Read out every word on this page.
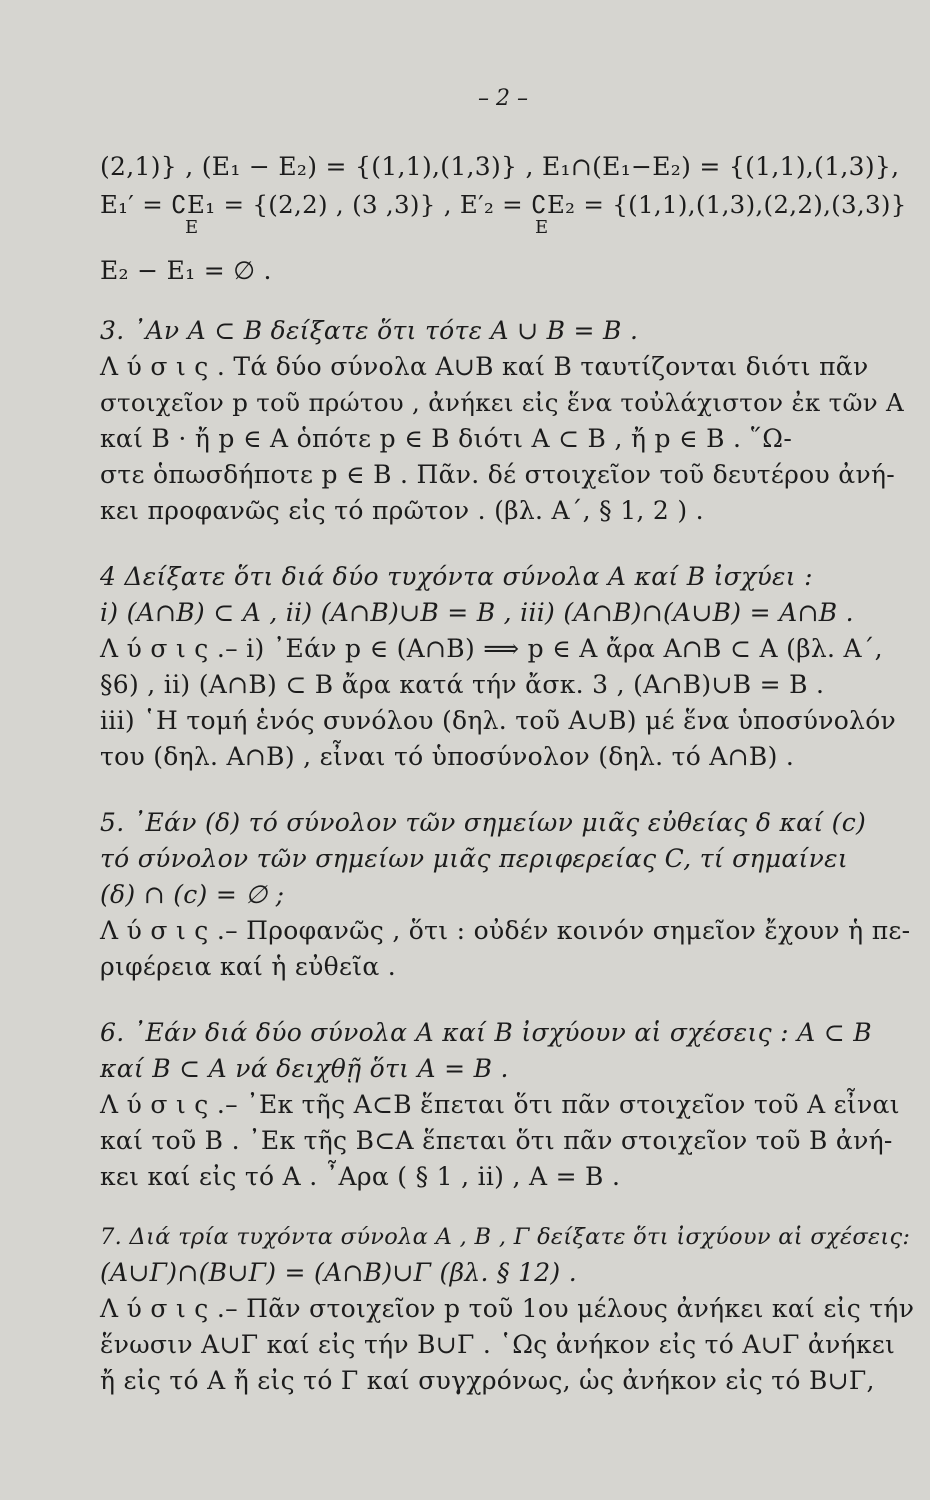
– 2 –
(2,1)} , (E₁ − E₂) = {(1,1),(1,3)} , E₁∩(E₁−E₂) = {(1,1),(1,3)},
E₁′ = ∁E₁ = {(2,2) , (3 ,3)} , E′₂ = ∁E₂ = {(1,1),(1,3),(2,2),(3,3)}
E	E
E₂ − E₁ = ∅ .
3. ᾽Αν A ⊂ B δείξατε ὅτι τότε A ∪ B = B .
Λ ύ σ ι ς . Τά δύο σύνολα A∪B καί B ταυτίζονται διότι πᾶν
στοιχεῖον p τοῦ πρώτου , ἀνήκει εἰς ἕνα τοὐλάχιστον ἐκ τῶν A
καί B · ἤ p ∈ A ὁπότε p ∈ B διότι A ⊂ B , ἤ p ∈ B . ῞Ω-
στε ὁπωσδήποτε p ∈ B . Πᾶν. δέ στοιχεῖον τοῦ δευτέρου ἀνή-
κει προφανῶς εἰς τό πρῶτον . (βλ. Α΄, § 1, 2 ) .
4 Δείξατε ὅτι διά δύο τυχόντα σύνολα A καί B ἰσχύει :
i) (A∩B) ⊂ A , ii) (A∩B)∪B = B , iii) (A∩B)∩(A∪B) = A∩B .
Λ ύ σ ι ς .– i) ᾽Εάν p ∈ (A∩B) ⟹ p ∈ A ἄρα A∩B ⊂ A (βλ. Α΄,
§6) , ii) (A∩B) ⊂ B ἄρα κατά τήν ἄσκ. 3 , (A∩B)∪B = B .
iii) ῾Η τομή ἑνός συνόλου (δηλ. τοῦ A∪B) μέ ἕνα ὑποσύνολόν
του (δηλ. A∩B) , εἶναι τό ὑποσύνολον (δηλ. τό A∩B) .
5. ᾽Εάν (δ) τό σύνολον τῶν σημείων μιᾶς εὐθείας δ καί (c)
τό σύνολον τῶν σημείων μιᾶς περιφερείας C, τί σημαίνει
(δ) ∩ (c) = ∅ ;
Λ ύ σ ι ς .– Προφανῶς , ὅτι : οὐδέν κοινόν σημεῖον ἔχουν ἡ πε-
ριφέρεια καί ἡ εὐθεῖα .
6. ᾽Εάν διά δύο σύνολα A καί B ἰσχύουν αἱ σχέσεις : A ⊂ B
καί B ⊂ A νά δειχθῇ ὅτι A = B .
Λ ύ σ ι ς .– ᾽Εκ τῆς A⊂B ἕπεται ὅτι πᾶν στοιχεῖον τοῦ A εἶναι
καί τοῦ B . ᾽Εκ τῆς B⊂A ἕπεται ὅτι πᾶν στοιχεῖον τοῦ B ἀνή-
κει καί εἰς τό A . ῏Αρα ( § 1 , ii) , A = B .
7. Διά τρία τυχόντα σύνολα A , B , Γ δείξατε ὅτι ἰσχύουν αἱ σχέσεις:
(A∪Γ)∩(B∪Γ) = (A∩B)∪Γ (βλ. § 12) .
Λ ύ σ ι ς .– Πᾶν στοιχεῖον p τοῦ 1ου μέλους ἀνήκει καί εἰς τήν
ἕνωσιν A∪Γ καί εἰς τήν B∪Γ . ῾Ως ἀνήκον εἰς τό A∪Γ ἀνήκει
ἤ εἰς τό A ἤ εἰς τό Γ καί συγχρόνως, ὡς ἀνήκον εἰς τό B∪Γ,
